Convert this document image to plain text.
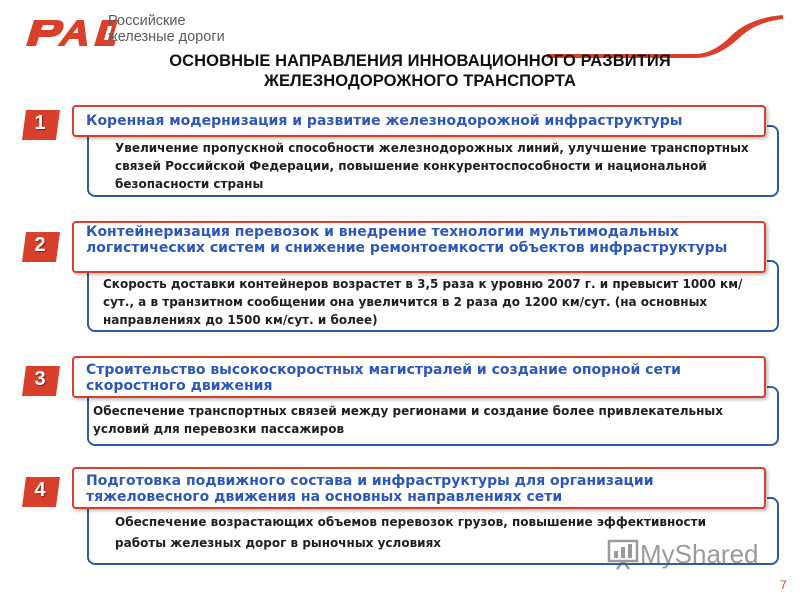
Российские
железные дороги
ОСНОВНЫЕ НАПРАВЛЕНИЯ ИННОВАЦИОННОГО РАЗВИТИЯ
ЖЕЛЕЗНОДОРОЖНОГО ТРАНСПОРТА
1	Коренная модернизация и развитие железнодорожной инфраструктуры
Увеличение пропускной способности железнодорожных линий, улучшение транспортных связей Российской Федерации, повышение конкурентоспособности и национальной безопасности страны
2
Контейнеризация перевозок и внедрение технологии мультимодальных логистических систем и снижение ремонтоемкости объектов инфраструктуры
Скорость доставки контейнеров возрастет в 3,5 раза к уровню 2007 г. и превысит 1000 км/сут., а в транзитном сообщении она увеличится в 2 раза до 1200 км/сут. (на основных направлениях до 1500 км/сут. и более)
3	Строительство высокоскоростных магистралей и создание опорной сети скоростного движения
Обеспечение транспортных связей между регионами и создание более привлекательных условий для перевозки пассажиров
4	Подготовка подвижного состава и инфраструктуры для организации тяжеловесного движения на основных направлениях сети
Обеспечение возрастающих объемов перевозок грузов, повышение эффективности работы железных дорог в рыночных условиях	MyShared
7
